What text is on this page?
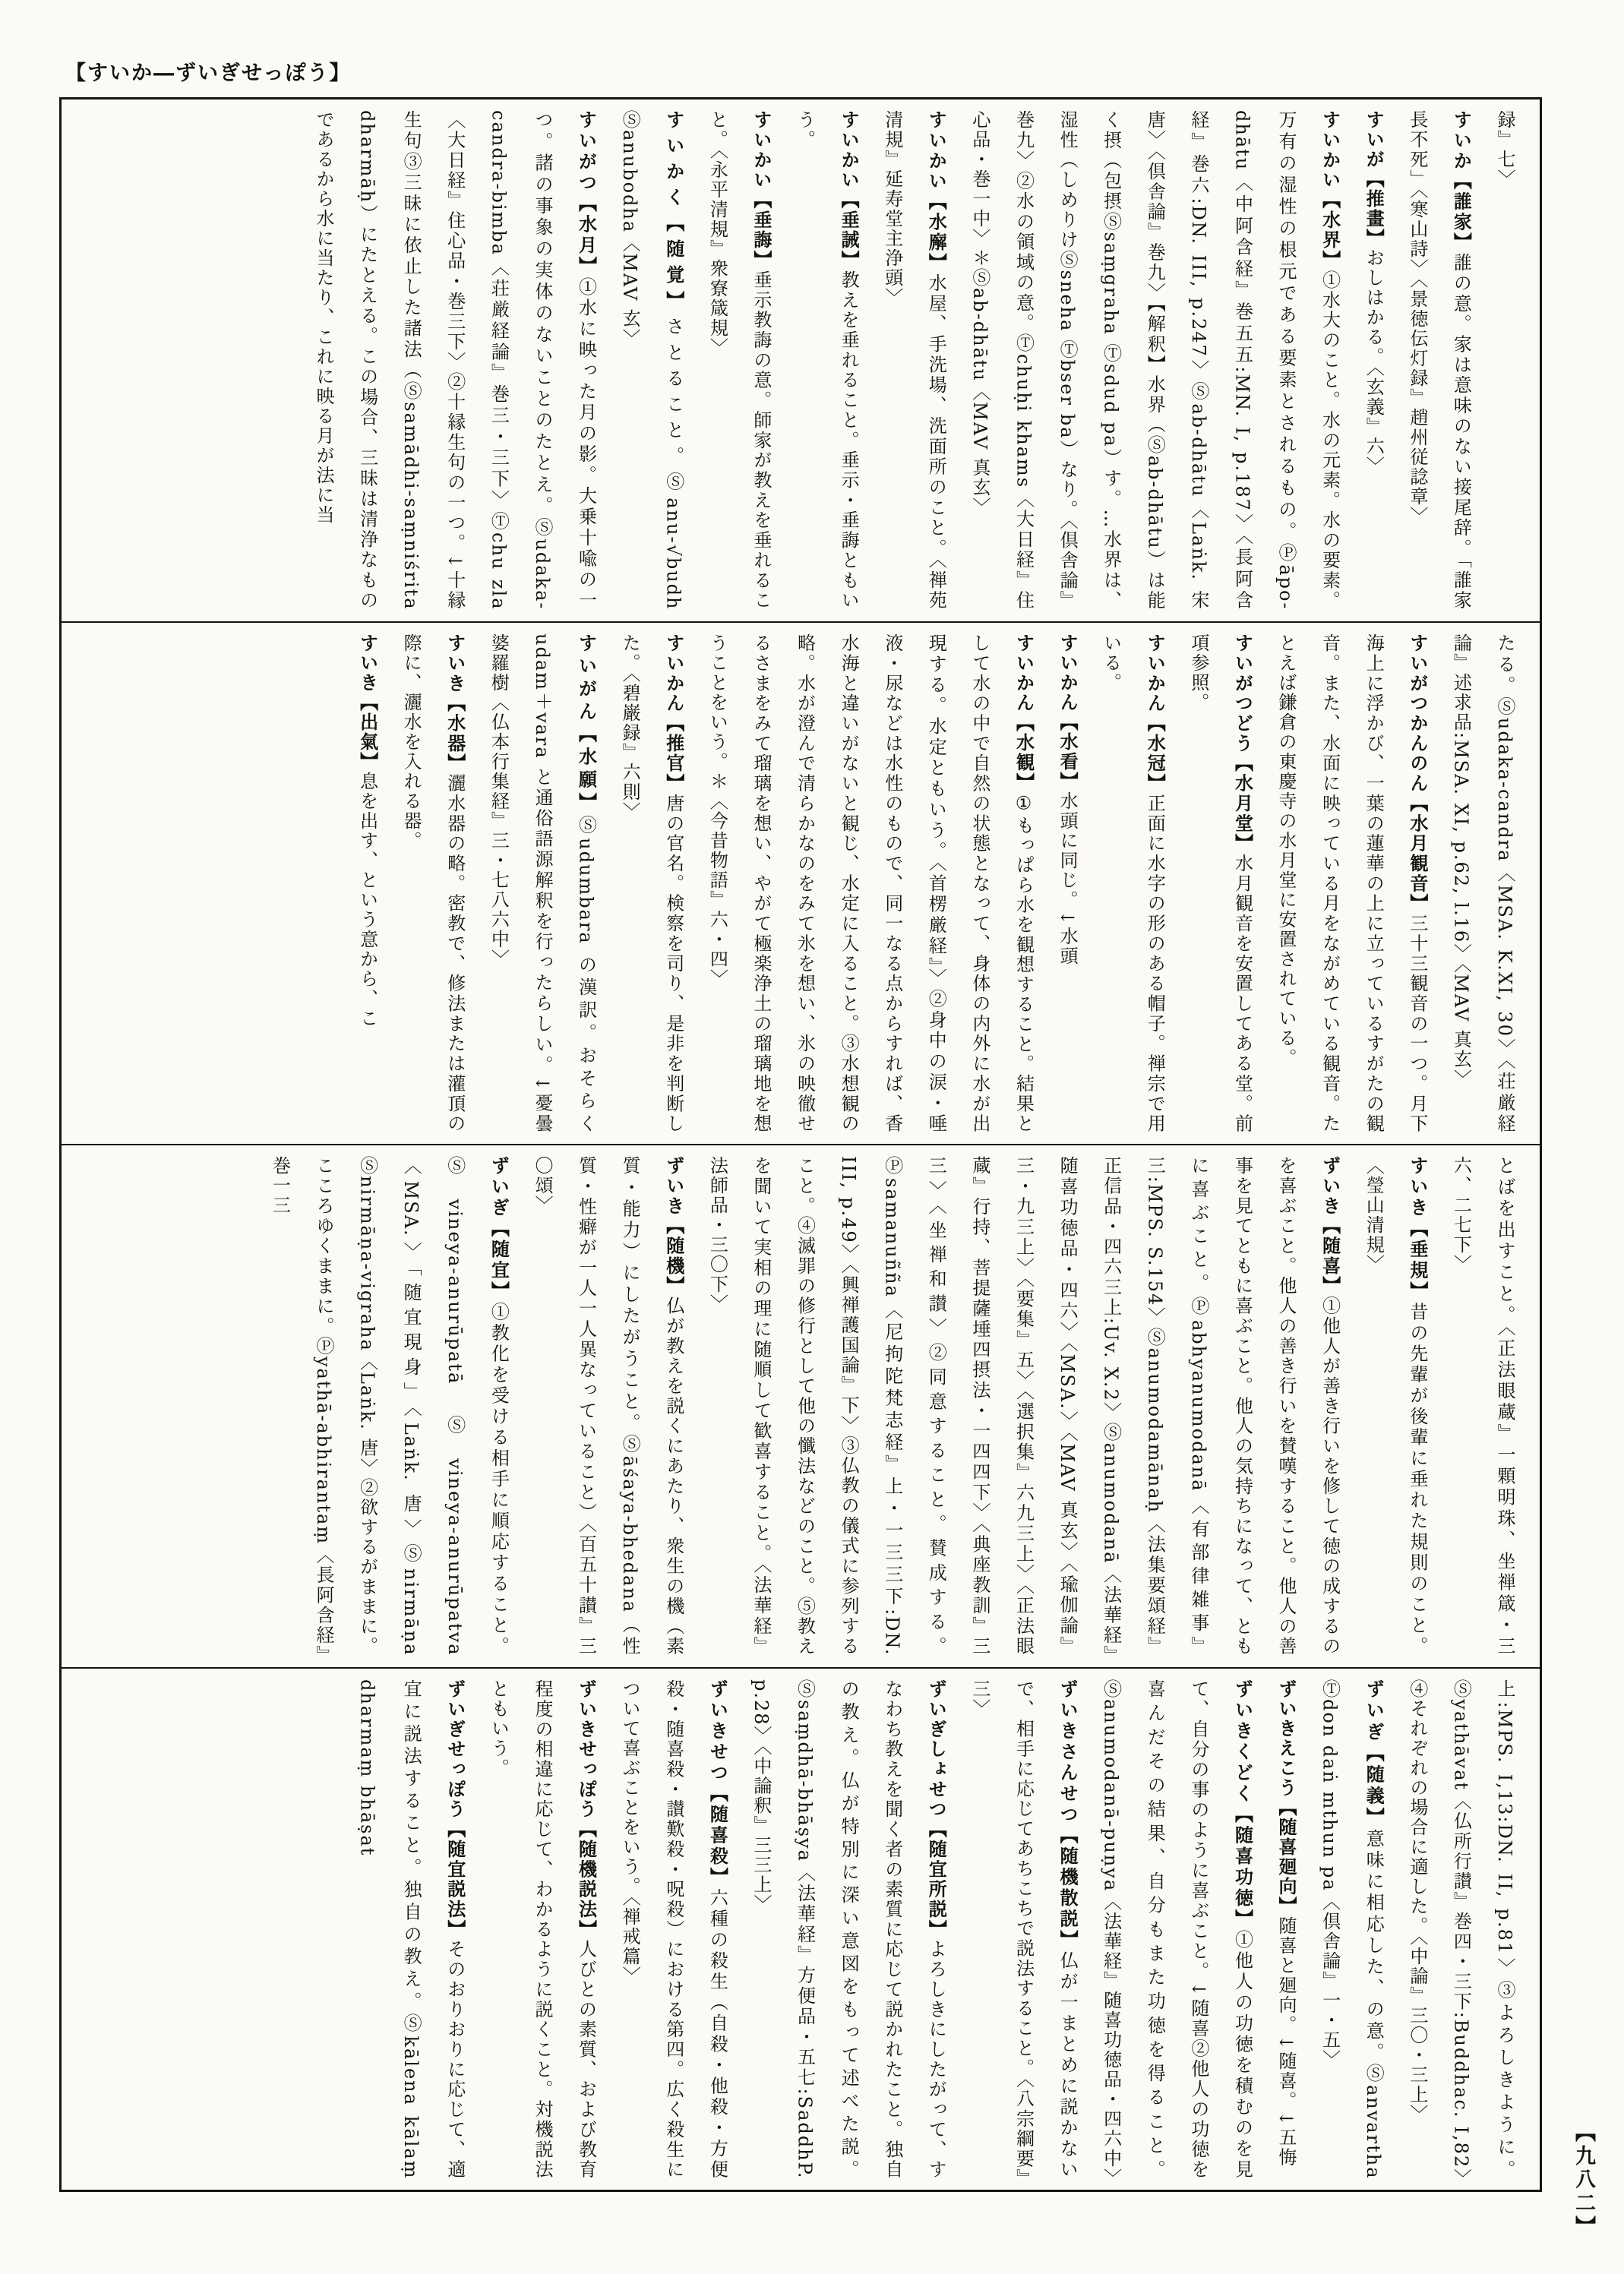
【すいか―ずいぎせっぽう】

録』七〉

すいか【誰家】誰の意。家は意味のない接尾辞。「誰家長不死」〈寒山詩〉〈景徳伝灯録』趙州従諗章〉

すいが【推畫】おしはかる。〈玄義』六〉

すいかい【水界】①水大のこと。水の元素。水の要素。万有の湿性の根元である要素とされるもの。Ⓟāpo-dhātu〈中阿含経』巻五五:MN. I, p.187〉〈長阿含経』巻六:DN. III, p.247〉Ⓢab-dhātu〈Laṅk. 宋唐〉〈倶舎論』巻九〉【解釈】水界（Ⓢab-dhātu）は能く摂（包摂Ⓢsaṃgraha Ⓣsdud pa）す。…水界は、湿性（しめりけⓈsneha Ⓣbser ba）なり。〈倶舎論』巻九〉②水の領域の意。Ⓣchuḥi khams〈大日経』住心品・巻一中〉＊Ⓢab-dhātu〈MAV 真玄〉

すいかい【水廨】水屋、手洗場、洗面所のこと。〈禅苑清規』延寿堂主浄頭〉

すいかい【垂誡】教えを垂れること。垂示・垂誨ともいう。

すいかい【垂誨】垂示教誨の意。師家が教えを垂れること。〈永平清規』衆寮箴規〉

すいかく【随覚】さとること。Ⓢanu-√budh Ⓢanubodha〈MAV 玄〉

すいがつ【水月】①水に映った月の影。大乗十喩の一つ。諸の事象の実体のないことのたとえ。Ⓢudaka-candra-bimba〈荘厳経論』巻三・三下〉Ⓣchu zla〈大日経』住心品・巻三下〉②十縁生句の一つ。↓十縁生句③三昧に依止した諸法（Ⓢsamādhi-saṃniśrita dharmāḥ）にたとえる。この場合、三昧は清浄なものであるから水に当たり、これに映る月が法に当

たる。Ⓢudaka-candra〈MSA. K.XI, 30〉〈荘厳経論』述求品:MSA. XI, p.62, l.16〉〈MAV 真玄〉

すいがつかんのん【水月観音】三十三観音の一つ。月下海上に浮かび、一葉の蓮華の上に立っているすがたの観音。また、水面に映っている月をながめている観音。たとえば鎌倉の東慶寺の水月堂に安置されている。

すいがつどう【水月堂】水月観音を安置してある堂。前項参照。

すいかん【水冠】正面に水字の形のある帽子。禅宗で用いる。

すいかん【水看】水頭に同じ。↓水頭

すいかん【水観】①もっぱら水を観想すること。結果として水の中で自然の状態となって、身体の内外に水が出現する。水定ともいう。〈首楞厳経』〉②身中の涙・唾液・尿などは水性のもので、同一なる点からすれば、香水海と違いがないと観じ、水定に入ること。③水想観の略。水が澄んで清らかなのをみて氷を想い、氷の映徹せるさまをみて瑠璃を想い、やがて極楽浄土の瑠璃地を想うことをいう。＊〈今昔物語』六・四〉

すいかん【推官】唐の官名。検察を司り、是非を判断した。〈碧巌録』六則〉

すいがん【水願】Ⓢudumbara の漢訳。おそらく udam＋vara と通俗語源解釈を行ったらしい。↓憂曇婆羅樹〈仏本行集経』三・七八六中〉

すいき【水器】灑水器の略。密教で、修法または灌頂の際に、灑水を入れる器。

すいき【出氣】息を出す、という意から、こ

とばを出すこと。〈正法眼蔵』一顆明珠、坐禅箴・三六、二七下〉

すいき【垂規】昔の先輩が後輩に垂れた規則のこと。〈瑩山清規〉

ずいき【随喜】①他人が善き行いを修して徳の成するのを喜ぶこと。他人の善き行いを賛嘆すること。他人の善事を見てともに喜ぶこと。他人の気持ちになって、ともに喜ぶこと。Ⓟabhyanumodanā〈有部律雑事』三:MPS. S.154〉Ⓢanumodamānaḥ〈法集要頌経』正信品・四六三上:Uv. X.2〉Ⓢanumodanā〈法華経』随喜功徳品・四六〉〈MSA.〉〈MAV 真玄〉〈瑜伽論』三・九三上〉〈要集』五〉〈選択集』六九三上〉〈正法眼蔵』行持、菩提薩埵四摂法・一四四下〉〈典座教訓』三三〉〈坐禅和讃〉②同意すること。賛成する。Ⓟsamanuñña〈尼拘陀梵志経』上・一三三下:DN. III, p.49〉〈興禅護国論』下〉③仏教の儀式に参列すること。④滅罪の修行として他の懺法などのこと。⑤教えを聞いて実相の理に随順して歓喜すること。〈法華経』法師品・三〇下〉

ずいき【随機】仏が教えを説くにあたり、衆生の機（素質・能力）にしたがうこと。Ⓢāśaya-bhedana（性質・性癖が一人一人異なっていること）〈百五十讃』三〇頌〉

ずいぎ【随宜】①教化を受ける相手に順応すること。Ⓢvineya-anurūpatā Ⓢvineya-anurūpatva〈MSA.〉「随宜現身」〈Laṅk. 唐〉Ⓢnirmāṇa Ⓢnirmāṇa-vigraha〈Laṅk. 唐〉②欲するがままに。こころゆくままに。Ⓟyathā-abhirantaṃ〈長阿含経』巻一三

上:MPS. I,13:DN. II, p.81〉③よろしきように。Ⓢyathāvat〈仏所行讃』巻四・三下:Buddhac. I,82〉④それぞれの場合に適した。〈中論』三〇・三上〉

ずいぎ【随義】意味に相応した、の意。Ⓢanvartha Ⓣdon daṅ mthun pa〈倶舎論』一・五〉

ずいきえこう【随喜廻向】随喜と廻向。↓随喜。↓五悔

ずいきくどく【随喜功徳】①他人の功徳を積むのを見て、自分の事のように喜ぶこと。↓随喜②他人の功徳を喜んだその結果、自分もまた功徳を得ること。Ⓢanumodanā-puṇya〈法華経』随喜功徳品・四六中〉

ずいきさんせつ【随機散説】仏が一まとめに説かないで、相手に応じてあちこちで説法すること。〈八宗綱要』三〉

ずいぎしょせつ【随宜所説】よろしきにしたがって、すなわち教えを聞く者の素質に応じて説かれたこと。独自の教え。仏が特別に深い意図をもって述べた説。Ⓢsaṃdhā-bhāṣya〈法華経』方便品・五七:SaddhP. p.28〉〈中論釈』三三上〉

ずいきせつ【随喜殺】六種の殺生（自殺・他殺・方便殺・随喜殺・讃歎殺・呪殺）における第四。広く殺生について喜ぶことをいう。〈禅戒篇〉

ずいきせっぽう【随機説法】人びとの素質、および教育程度の相違に応じて、わかるように説くこと。対機説法ともいう。

ずいぎせっぽう【随宜説法】そのおりおりに応じて、適宜に説法すること。独自の教え。Ⓢkālena kālaṃ dharmaṃ bhāṣat

【九八二】
